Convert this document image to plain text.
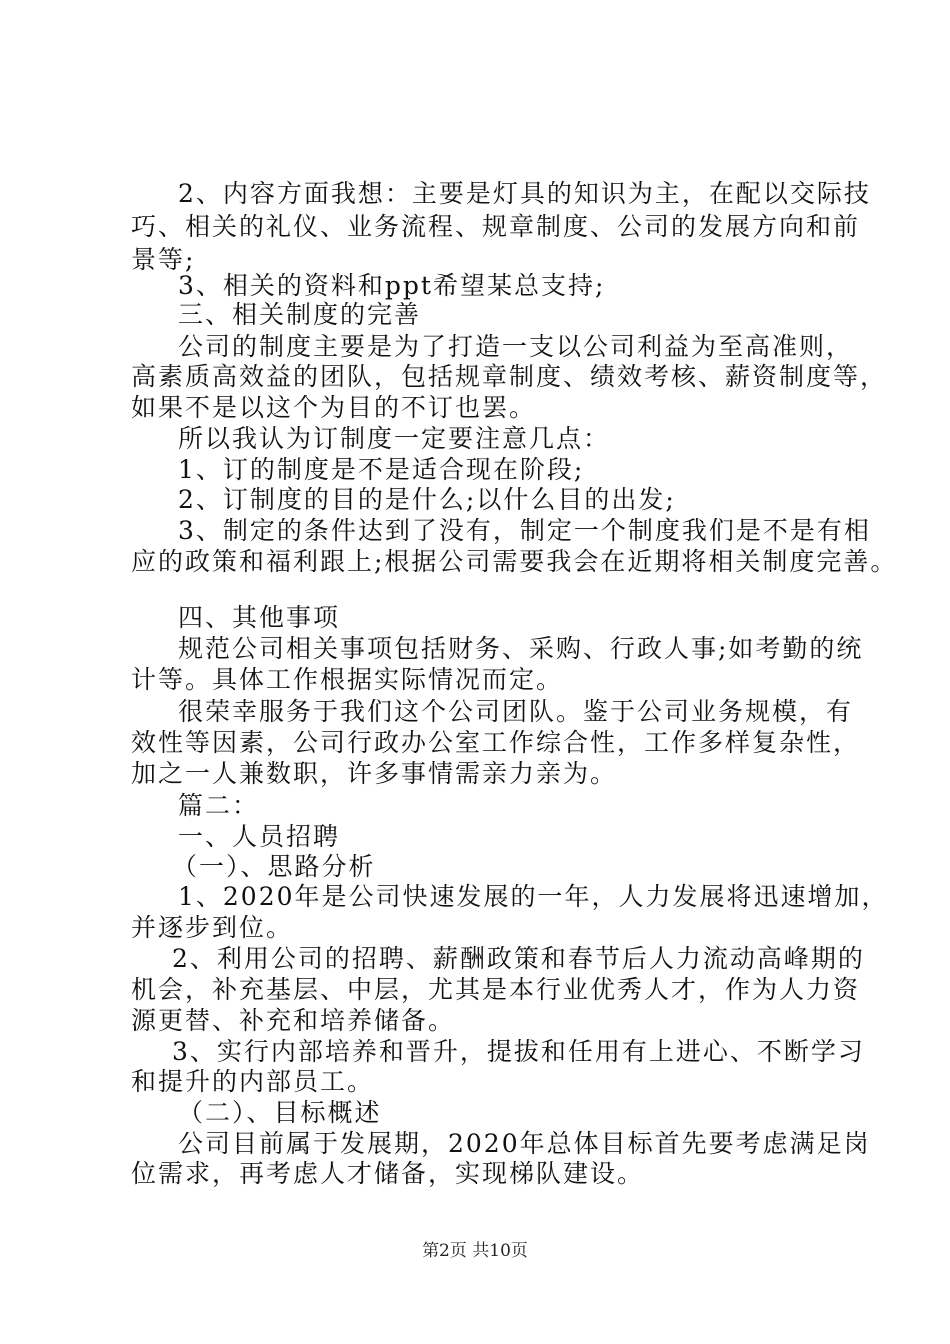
2、内容方面我想：主要是灯具的知识为主，在配以交际技
巧、相关的礼仪、业务流程、规章制度、公司的发展方向和前
景等;
3、相关的资料和ppt希望某总支持;
三、相关制度的完善
公司的制度主要是为了打造一支以公司利益为至高准则，
高素质高效益的团队，包括规章制度、绩效考核、薪资制度等，
如果不是以这个为目的不订也罢。
所以我认为订制度一定要注意几点：
1、订的制度是不是适合现在阶段;
2、订制度的目的是什么;以什么目的出发;
3、制定的条件达到了没有，制定一个制度我们是不是有相
应的政策和福利跟上;根据公司需要我会在近期将相关制度完善。
四、其他事项
规范公司相关事项包括财务、采购、行政人事;如考勤的统
计等。具体工作根据实际情况而定。
很荣幸服务于我们这个公司团队。鉴于公司业务规模，有
效性等因素，公司行政办公室工作综合性，工作多样复杂性，
加之一人兼数职，许多事情需亲力亲为。
篇二：
一、人员招聘
（一）、思路分析
1、2020年是公司快速发展的一年，人力发展将迅速增加，
并逐步到位。
2、利用公司的招聘、薪酬政策和春节后人力流动高峰期的
机会，补充基层、中层，尤其是本行业优秀人才，作为人力资
源更替、补充和培养储备。
3、实行内部培养和晋升，提拔和任用有上进心、不断学习
和提升的内部员工。
（二）、目标概述
公司目前属于发展期，2020年总体目标首先要考虑满足岗
位需求，再考虑人才储备，实现梯队建设。
第2页 共10页
